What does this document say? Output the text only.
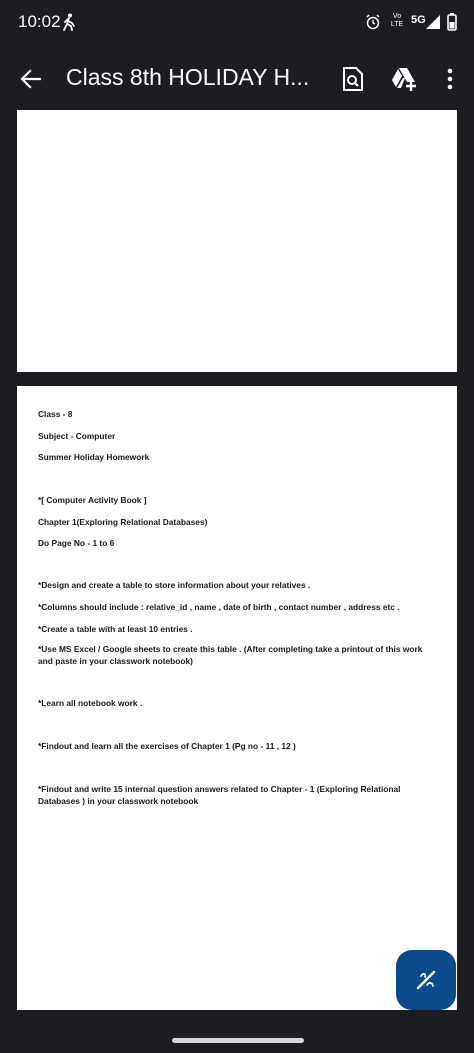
10:02	Vo
LTE 5G
Class 8th HOLIDAY H...
Class - 8
Subject - Computer
Summer Holiday Homework
*[ Computer Activity Book ]
Chapter 1(Exploring Relational Databases)
Do Page No - 1 to 6
*Design and create a table to store information about your relatives .
*Columns should include : relative_id , name , date of birth , contact number , address etc .
*Create a table with at least 10 entries .
*Use MS Excel / Google sheets to create this table . (After completing take a printout of this work and paste in your classwork notebook)
*Learn all notebook work .
*Findout and learn all the exercises of Chapter 1 (Pg no - 11 , 12 )
*Findout and write 15 internal question answers related to Chapter - 1 (Exploring Relational Databases ) in your classwork notebook
